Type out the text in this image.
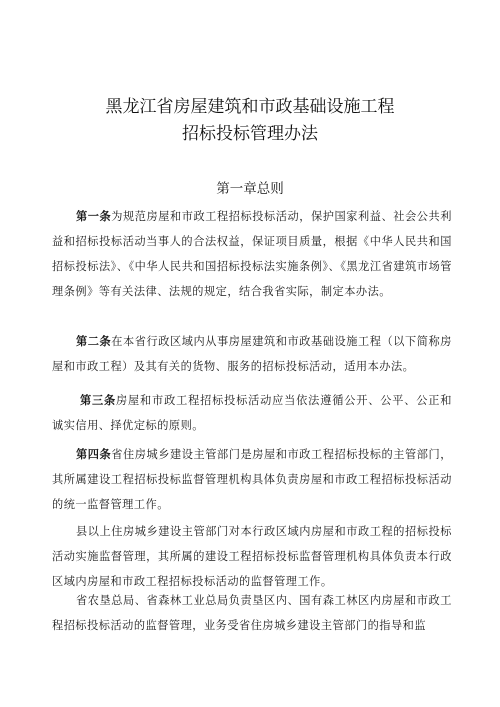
黑龙江省房屋建筑和市政基础设施工程
招标投标管理办法
第一章总则
第一条为规范房屋和市政工程招标投标活动，保护国家利益、社会公共利益和招标投标活动当事人的合法权益，保证项目质量，根据《中华人民共和国招标投标法》、《中华人民共和国招标投标法实施条例》、《黑龙江省建筑市场管理条例》等有关法律、法规的规定，结合我省实际，制定本办法。
第二条在本省行政区域内从事房屋建筑和市政基础设施工程（以下简称房屋和市政工程）及其有关的货物、服务的招标投标活动，适用本办法。
第三条房屋和市政工程招标投标活动应当依法遵循公开、公平、公正和诚实信用、择优定标的原则。
第四条省住房城乡建设主管部门是房屋和市政工程招标投标的主管部门，其所属建设工程招标投标监督管理机构具体负责房屋和市政工程招标投标活动的统一监督管理工作。
县以上住房城乡建设主管部门对本行政区域内房屋和市政工程的招标投标活动实施监督管理，其所属的建设工程招标投标监督管理机构具体负责本行政区域内房屋和市政工程招标投标活动的监督管理工作。
省农垦总局、省森林工业总局负责垦区内、国有森工林区内房屋和市政工程招标投标活动的监督管理，业务受省住房城乡建设主管部门的指导和监
